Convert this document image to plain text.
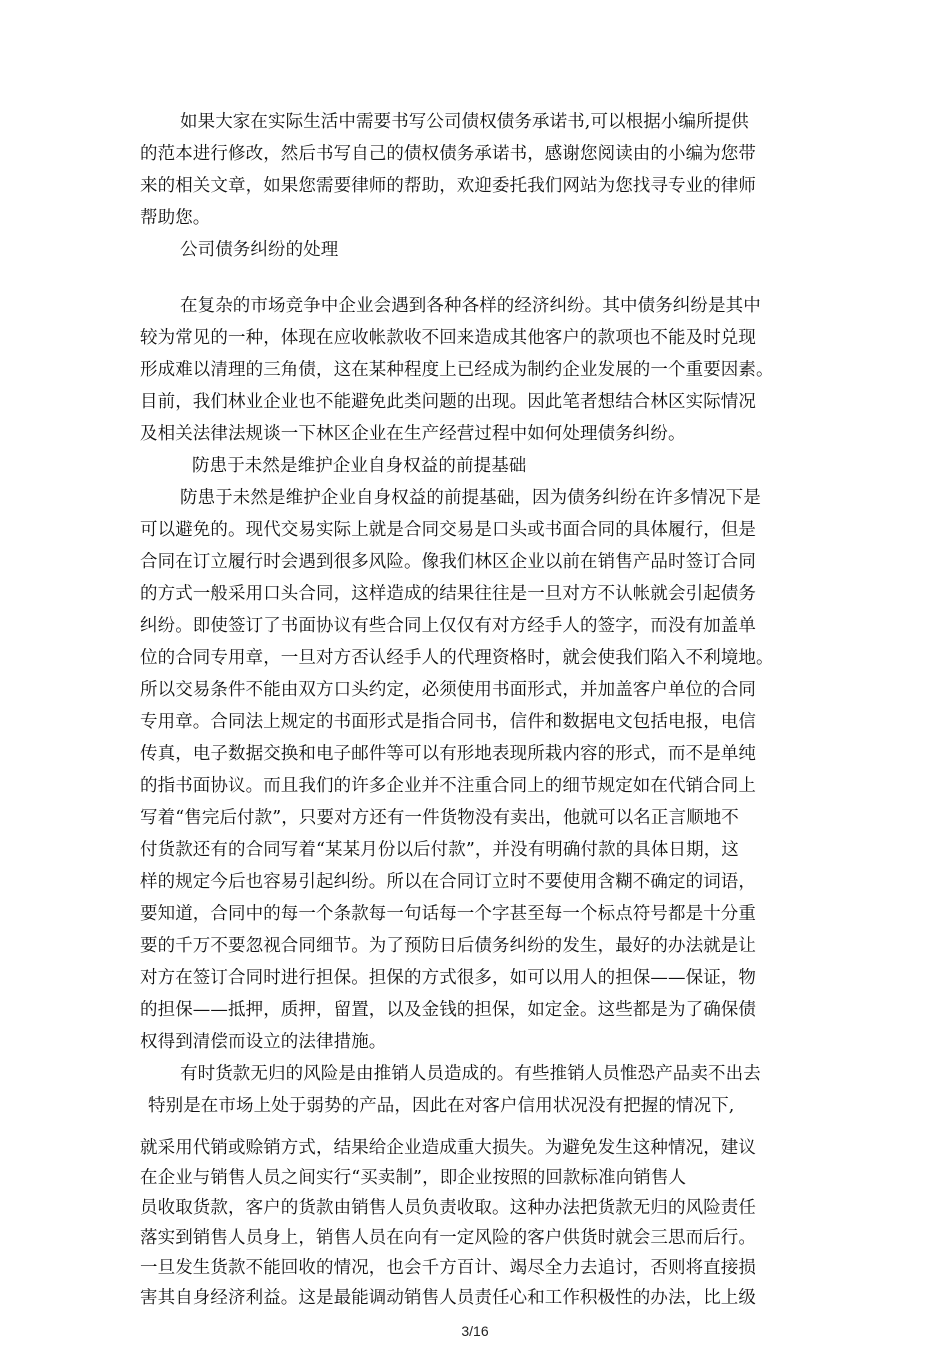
如果大家在实际生活中需要书写公司债权债务承诺书,可以根据小编所提供
的范本进行修改，然后书写自己的债权债务承诺书，感谢您阅读由的小编为您带
来的相关文章，如果您需要律师的帮助，欢迎委托我们网站为您找寻专业的律师
帮助您。
公司债务纠纷的处理
在复杂的市场竞争中企业会遇到各种各样的经济纠纷。其中债务纠纷是其中
较为常见的一种，体现在应收帐款收不回来造成其他客户的款项也不能及时兑现
形成难以清理的三角债，这在某种程度上已经成为制约企业发展的一个重要因素。
目前，我们林业企业也不能避免此类问题的出现。因此笔者想结合林区实际情况
及相关法律法规谈一下林区企业在生产经营过程中如何处理债务纠纷。
防患于未然是维护企业自身权益的前提基础
防患于未然是维护企业自身权益的前提基础，因为债务纠纷在许多情况下是
可以避免的。现代交易实际上就是合同交易是口头或书面合同的具体履行，但是
合同在订立履行时会遇到很多风险。像我们林区企业以前在销售产品时签订合同
的方式一般采用口头合同，这样造成的结果往往是一旦对方不认帐就会引起债务
纠纷。即使签订了书面协议有些合同上仅仅有对方经手人的签字，而没有加盖单
位的合同专用章，一旦对方否认经手人的代理资格时，就会使我们陷入不利境地。
所以交易条件不能由双方口头约定，必须使用书面形式，并加盖客户单位的合同
专用章。合同法上规定的书面形式是指合同书，信件和数据电文包括电报，电信
传真，电子数据交换和电子邮件等可以有形地表现所栽内容的形式，而不是单纯
的指书面协议。而且我们的许多企业并不注重合同上的细节规定如在代销合同上
写着“售完后付款”，只要对方还有一件货物没有卖出，他就可以名正言顺地不
付货款还有的合同写着“某某月份以后付款”，并没有明确付款的具体日期，这
样的规定今后也容易引起纠纷。所以在合同订立时不要使用含糊不确定的词语，
要知道，合同中的每一个条款每一句话每一个字甚至每一个标点符号都是十分重
要的千万不要忽视合同细节。为了预防日后债务纠纷的发生，最好的办法就是让
对方在签订合同时进行担保。担保的方式很多，如可以用人的担保——保证，物
的担保——抵押，质押，留置，以及金钱的担保，如定金。这些都是为了确保债
权得到清偿而设立的法律措施。
有时货款无归的风险是由推销人员造成的。有些推销人员惟恐产品卖不出去
特别是在市场上处于弱势的产品，因此在对客户信用状况没有把握的情况下,
就采用代销或赊销方式，结果给企业造成重大损失。为避免发生这种情况，建议
在企业与销售人员之间实行“买卖制”，即企业按照的回款标准向销售人
员收取货款，客户的货款由销售人员负责收取。这种办法把货款无归的风险责任
落实到销售人员身上，销售人员在向有一定风险的客户供货时就会三思而后行。
一旦发生货款不能回收的情况，也会千方百计、竭尽全力去追讨，否则将直接损
害其自身经济利益。这是最能调动销售人员责任心和工作积极性的办法，比上级
3/16
